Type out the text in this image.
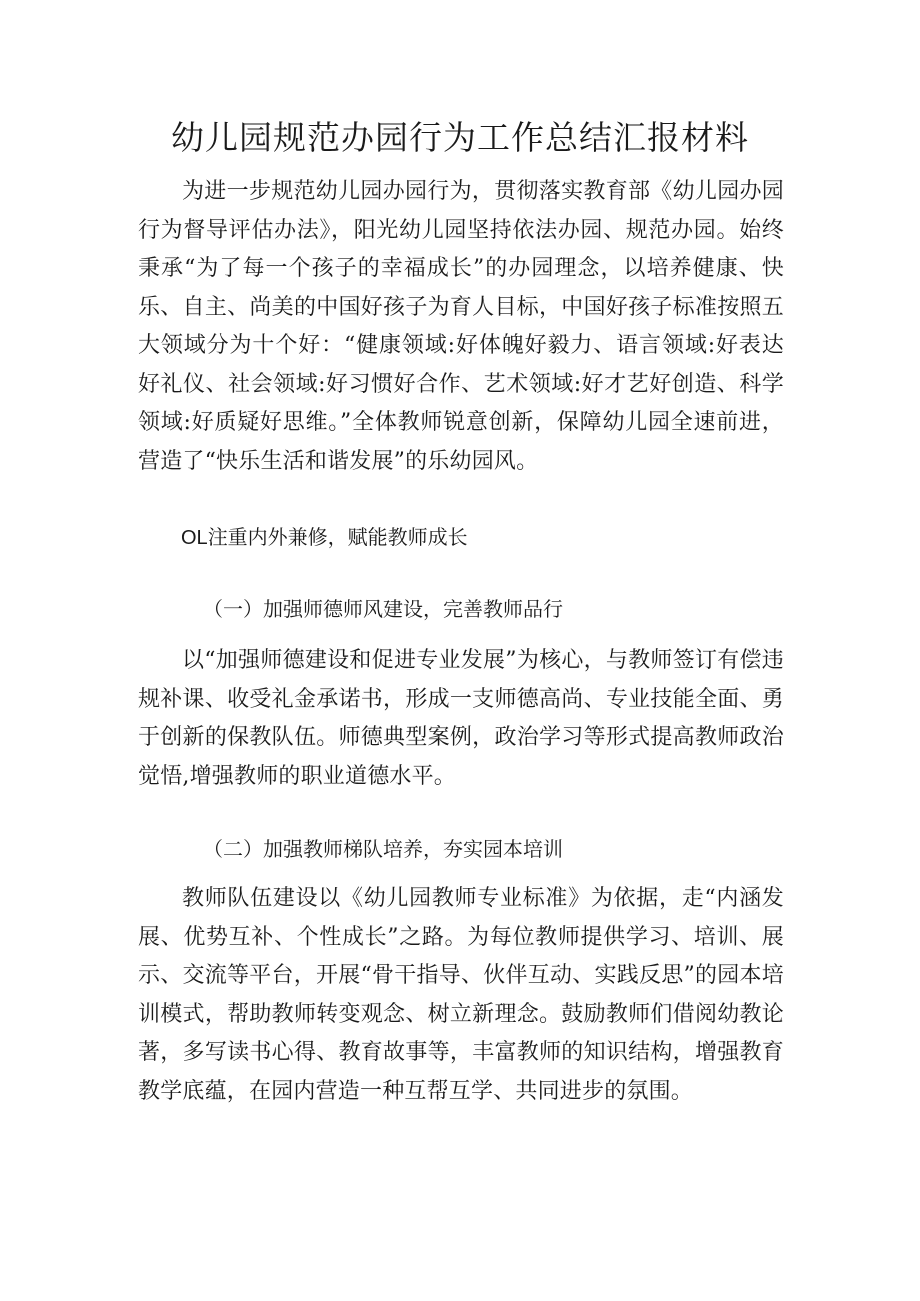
幼儿园规范办园行为工作总结汇报材料

为进一步规范幼儿园办园行为，贯彻落实教育部《幼儿园办园行为督导评估办法》，阳光幼儿园坚持依法办园、规范办园。始终秉承“为了每一个孩子的幸福成长”的办园理念，以培养健康、快乐、自主、尚美的中国好孩子为育人目标，中国好孩子标准按照五大领域分为十个好：“健康领域:好体魄好毅力、语言领域:好表达好礼仪、社会领域:好习惯好合作、艺术领域:好才艺好创造、科学领域:好质疑好思维。”全体教师锐意创新，保障幼儿园全速前进，营造了“快乐生活和谐发展”的乐幼园风。

OL注重内外兼修，赋能教师成长
（一）加强师德师风建设，完善教师品行

以“加强师德建设和促进专业发展”为核心，与教师签订有偿违规补课、收受礼金承诺书，形成一支师德高尚、专业技能全面、勇于创新的保教队伍。师德典型案例，政治学习等形式提高教师政治觉悟,增强教师的职业道德水平。

（二）加强教师梯队培养，夯实园本培训

教师队伍建设以《幼儿园教师专业标准》为依据，走“内涵发展、优势互补、个性成长”之路。为每位教师提供学习、培训、展示、交流等平台，开展“骨干指导、伙伴互动、实践反思”的园本培训模式，帮助教师转变观念、树立新理念。鼓励教师们借阅幼教论著，多写读书心得、教育故事等，丰富教师的知识结构，增强教育教学底蕴，在园内营造一种互帮互学、共同进步的氛围。
